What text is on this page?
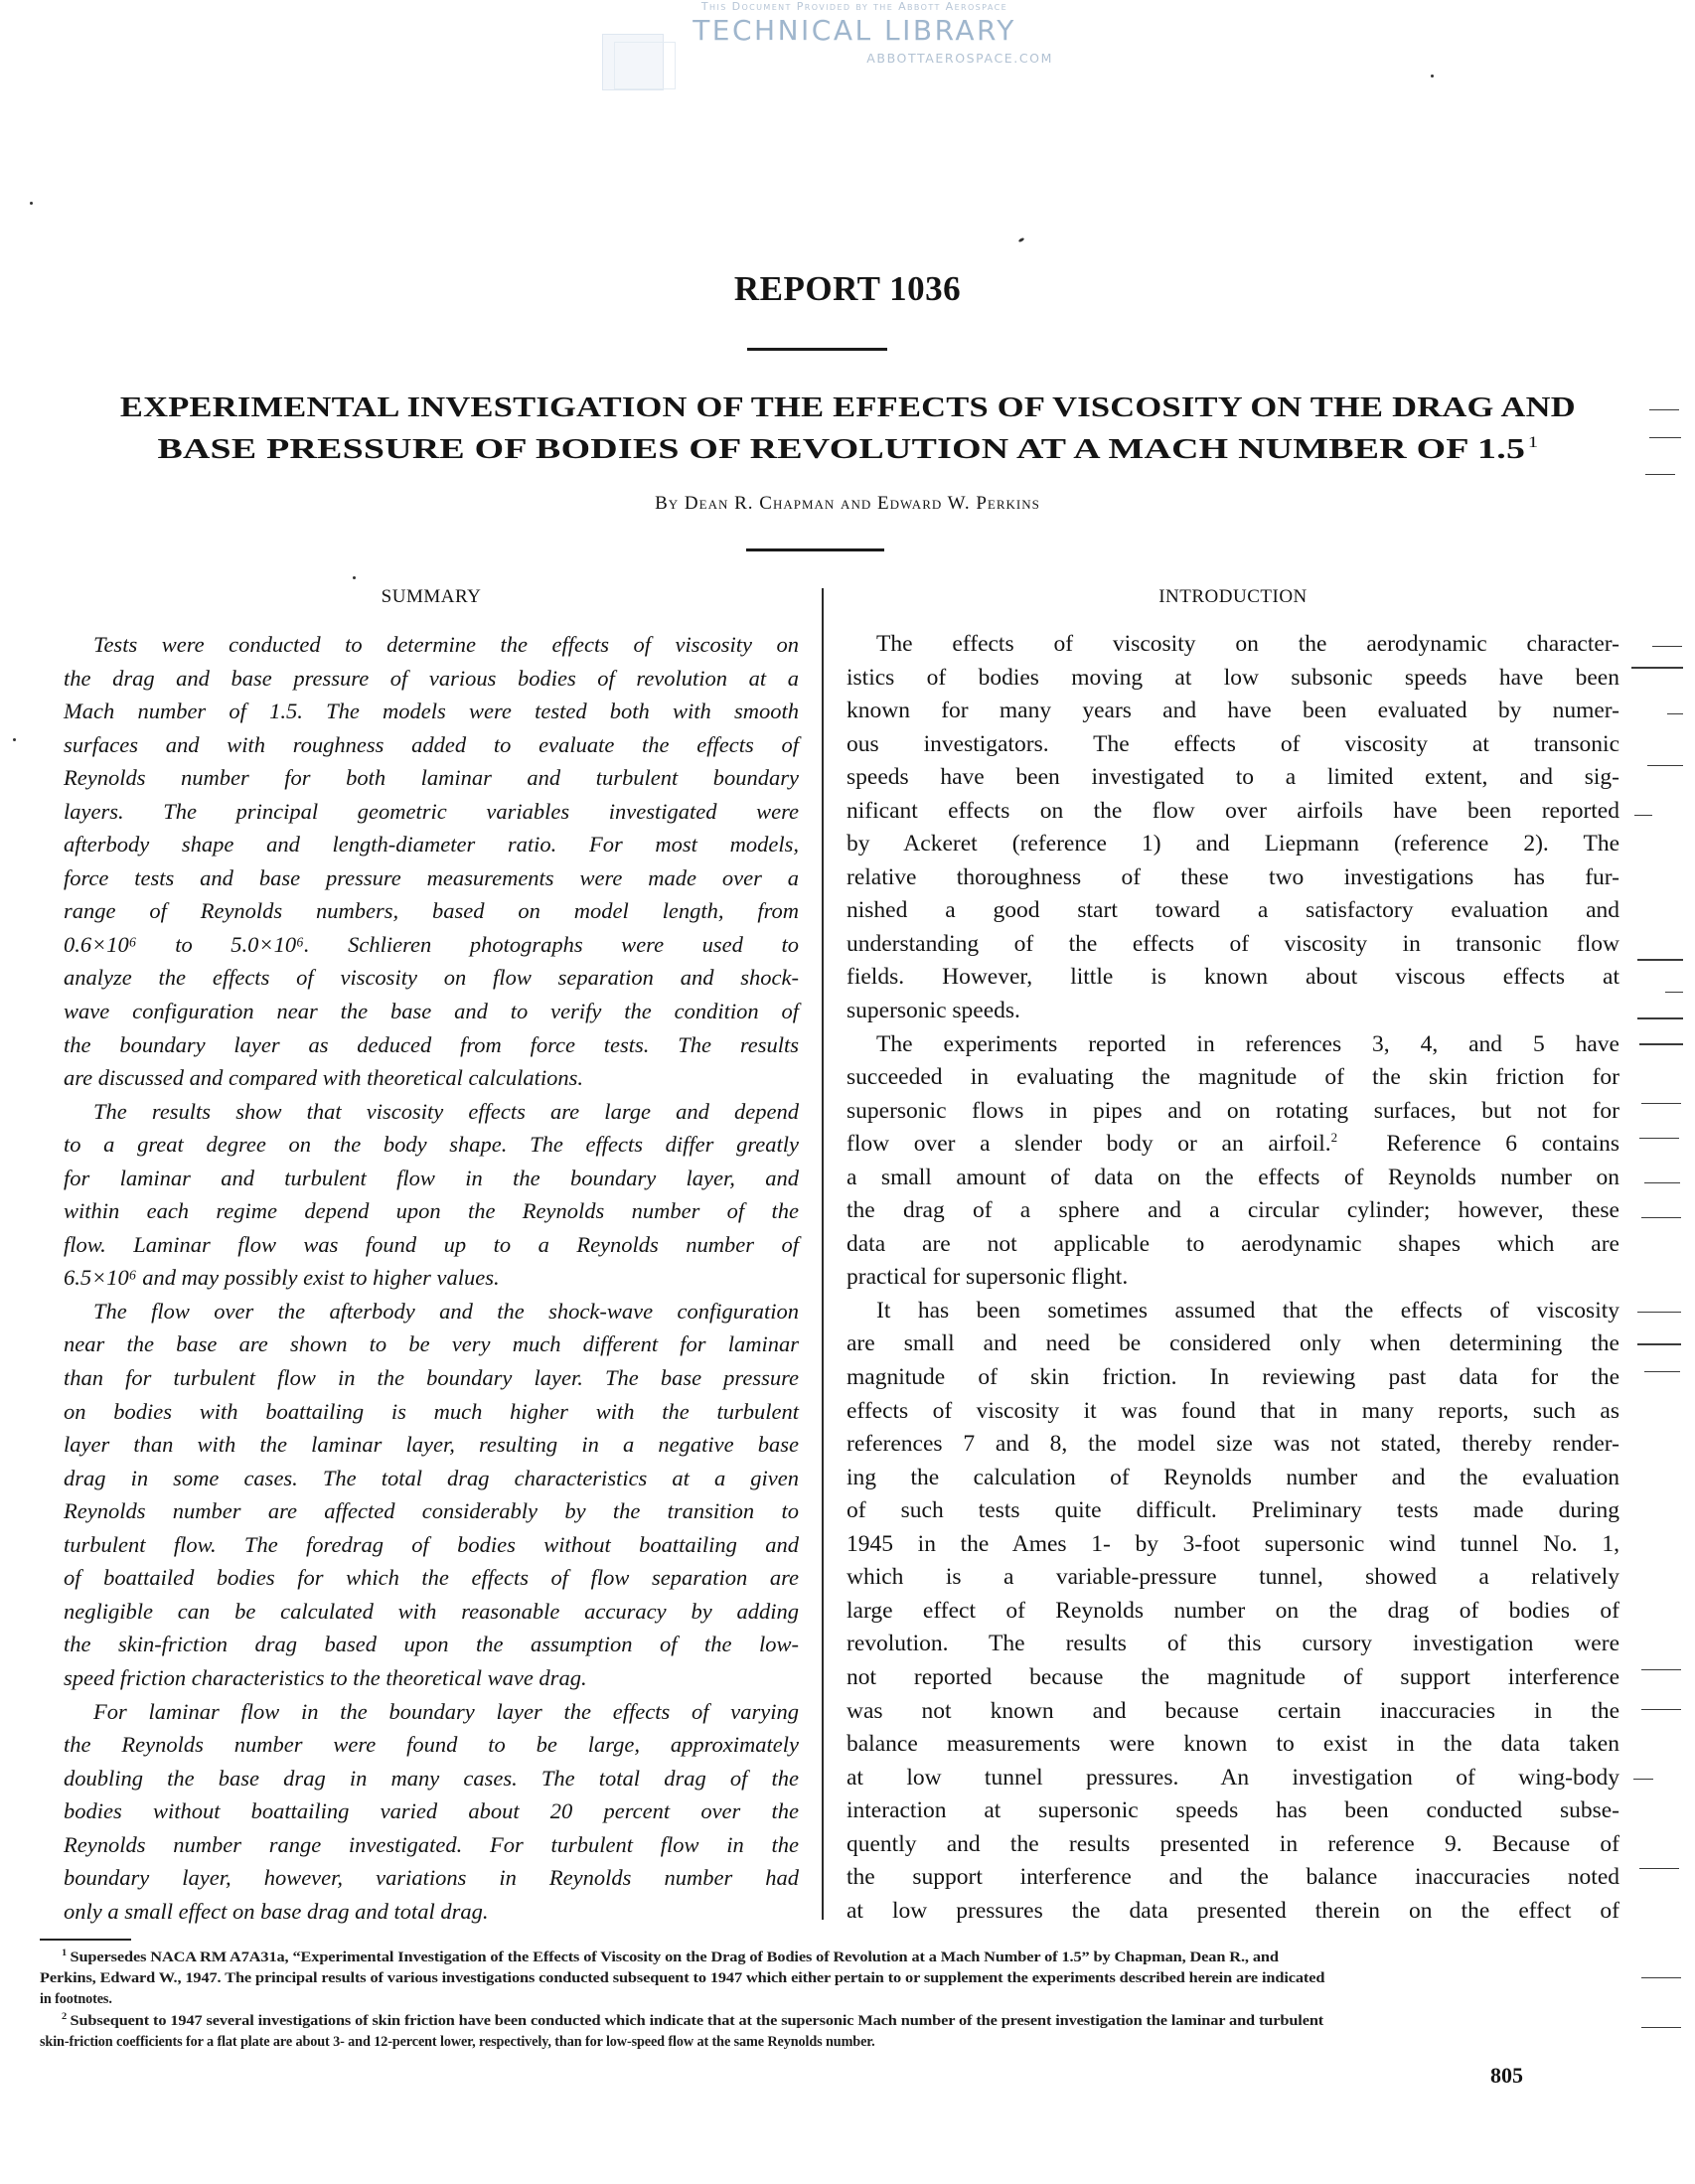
This Document Provided by the Abbott Aerospace
TECHNICAL LIBRARY
ABBOTTAEROSPACE.COM
REPORT 1036
EXPERIMENTAL INVESTIGATION OF THE EFFECTS OF VISCOSITY ON THE DRAG AND
BASE PRESSURE OF BODIES OF REVOLUTION AT A MACH NUMBER OF 1.5 $^1$
By Dean R. Chapman and Edward W. Perkins
SUMMARY	INTRODUCTION
Tests were conducted to determine the effects of viscosity on
the drag and base pressure of various bodies of revolution at a
Mach number of 1.5. The models were tested both with smooth
surfaces and with roughness added to evaluate the effects of
Reynolds number for both laminar and turbulent boundary
layers. The principal geometric variables investigated were
afterbody shape and length-diameter ratio. For most models,
force tests and base pressure measurements were made over a
range of Reynolds numbers, based on model length, from
0.6×10⁶ to 5.0×10⁶. Schlieren photographs were used to
analyze the effects of viscosity on flow separation and shock-
wave configuration near the base and to verify the condition of
the boundary layer as deduced from force tests. The results
are discussed and compared with theoretical calculations.
The results show that viscosity effects are large and depend
to a great degree on the body shape. The effects differ greatly
for laminar and turbulent flow in the boundary layer, and
within each regime depend upon the Reynolds number of the
flow. Laminar flow was found up to a Reynolds number of
6.5×10⁶ and may possibly exist to higher values.
The flow over the afterbody and the shock-wave configuration
near the base are shown to be very much different for laminar
than for turbulent flow in the boundary layer. The base pressure
on bodies with boattailing is much higher with the turbulent
layer than with the laminar layer, resulting in a negative base
drag in some cases. The total drag characteristics at a given
Reynolds number are affected considerably by the transition to
turbulent flow. The foredrag of bodies without boattailing and
of boattailed bodies for which the effects of flow separation are
negligible can be calculated with reasonable accuracy by adding
the skin-friction drag based upon the assumption of the low-
speed friction characteristics to the theoretical wave drag.
For laminar flow in the boundary layer the effects of varying
the Reynolds number were found to be large, approximately
doubling the base drag in many cases. The total drag of the
bodies without boattailing varied about 20 percent over the
Reynolds number range investigated. For turbulent flow in the
boundary layer, however, variations in Reynolds number had
only a small effect on base drag and total drag.
The effects of viscosity on the aerodynamic character-
istics of bodies moving at low subsonic speeds have been
known for many years and have been evaluated by numer-
ous investigators. The effects of viscosity at transonic
speeds have been investigated to a limited extent, and sig-
nificant effects on the flow over airfoils have been reported
by Ackeret (reference 1) and Liepmann (reference 2). The
relative thoroughness of these two investigations has fur-
nished a good start toward a satisfactory evaluation and
understanding of the effects of viscosity in transonic flow
fields. However, little is known about viscous effects at
supersonic speeds.
The experiments reported in references 3, 4, and 5 have
succeeded in evaluating the magnitude of the skin friction for
supersonic flows in pipes and on rotating surfaces, but not for
flow over a slender body or an airfoil.$^2$  Reference 6 contains
a small amount of data on the effects of Reynolds number on
the drag of a sphere and a circular cylinder; however, these
data are not applicable to aerodynamic shapes which are
practical for supersonic flight.
It has been sometimes assumed that the effects of viscosity
are small and need be considered only when determining the
magnitude of skin friction. In reviewing past data for the
effects of viscosity it was found that in many reports, such as
references 7 and 8, the model size was not stated, thereby render-
ing the calculation of Reynolds number and the evaluation
of such tests quite difficult. Preliminary tests made during
1945 in the Ames 1- by 3-foot supersonic wind tunnel No. 1,
which is a variable-pressure tunnel, showed a relatively
large effect of Reynolds number on the drag of bodies of
revolution. The results of this cursory investigation were
not reported because the magnitude of support interference
was not known and because certain inaccuracies in the
balance measurements were known to exist in the data taken
at low tunnel pressures. An investigation of wing-body
interaction at supersonic speeds has been conducted subse-
quently and the results presented in reference 9. Because of
the support interference and the balance inaccuracies noted
at low pressures the data presented therein on the effect of
$^1$ Supersedes NACA RM A7A31a, “Experimental Investigation of the Effects of Viscosity on the Drag of Bodies of Revolution at a Mach Number of 1.5” by Chapman, Dean R., and
Perkins, Edward W., 1947. The principal results of various investigations conducted subsequent to 1947 which either pertain to or supplement the experiments described herein are indicated
in footnotes.
$^2$ Subsequent to 1947 several investigations of skin friction have been conducted which indicate that at the supersonic Mach number of the present investigation the laminar and turbulent
skin-friction coefficients for a flat plate are about 3- and 12-percent lower, respectively, than for low-speed flow at the same Reynolds number.
805
